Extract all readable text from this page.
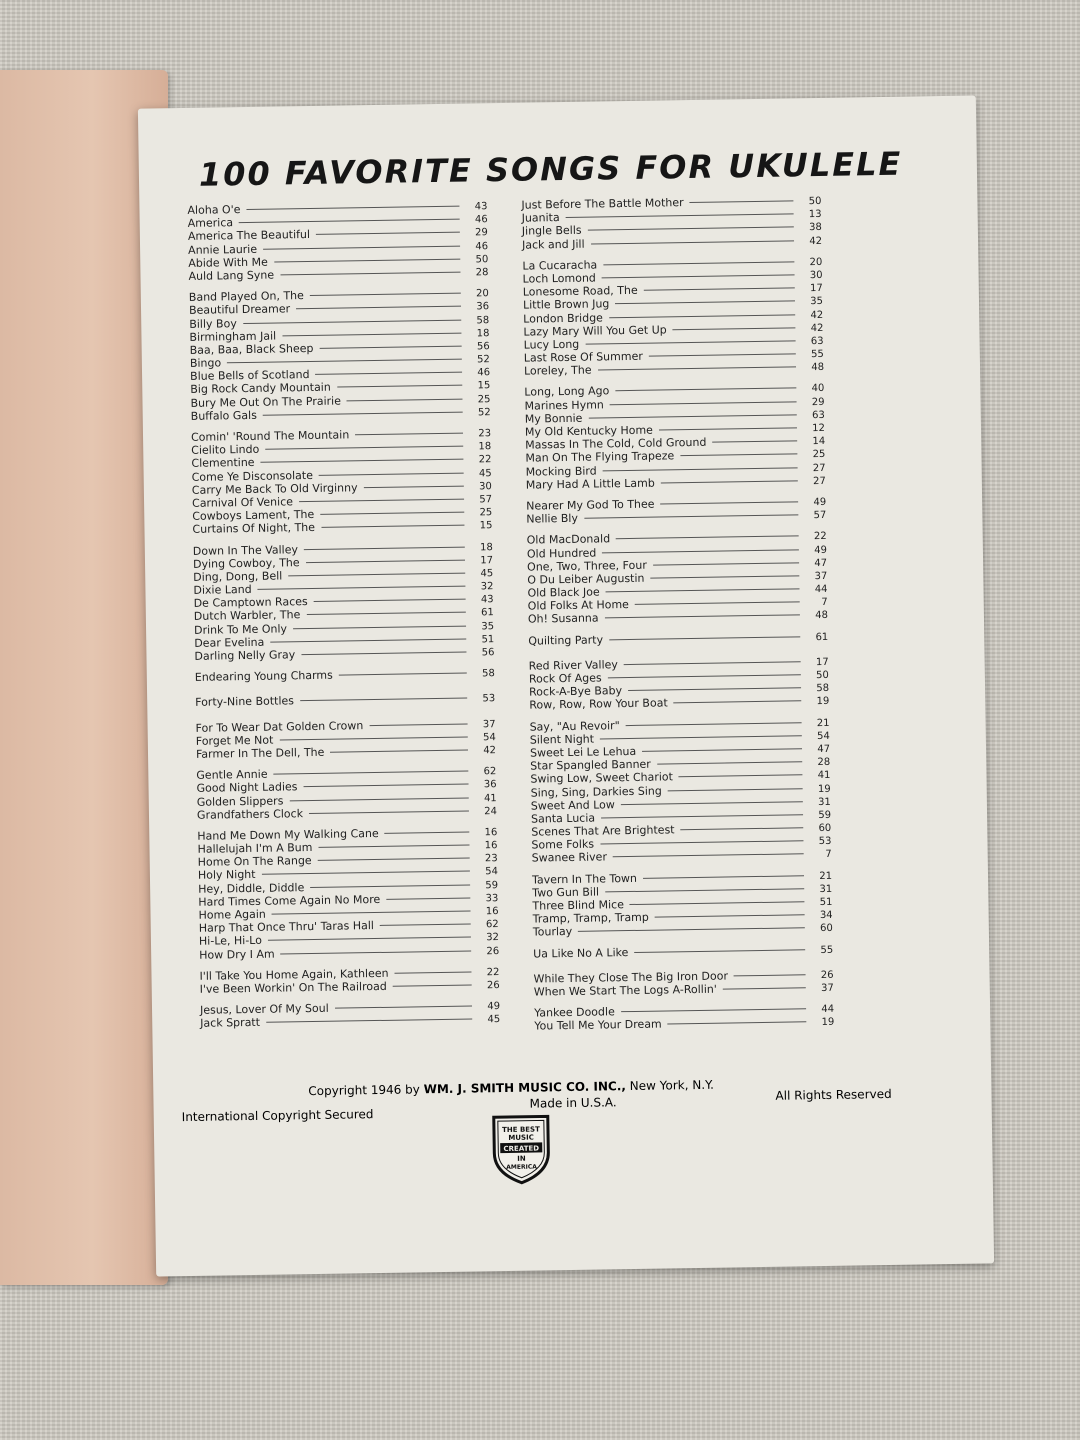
100 FAVORITE SONGS FOR UKULELE
Aloha O'e	43
America	46
America The Beautiful	29
Annie Laurie	46
Abide With Me	50
Auld Lang Syne	28
Band Played On, The	20
Beautiful Dreamer	36
Billy Boy	58
Birmingham Jail	18
Baa, Baa, Black Sheep	56
Bingo	52
Blue Bells of Scotland	46
Big Rock Candy Mountain	15
Bury Me Out On The Prairie	25
Buffalo Gals	52
Comin' 'Round The Mountain	23
Cielito Lindo	18
Clementine	22
Come Ye Disconsolate	45
Carry Me Back To Old Virginny	30
Carnival Of Venice	57
Cowboys Lament, The	25
Curtains Of Night, The	15
Down In The Valley	18
Dying Cowboy, The	17
Ding, Dong, Bell	45
Dixie Land	32
De Camptown Races	43
Dutch Warbler, The	61
Drink To Me Only	35
Dear Evelina	51
Darling Nelly Gray	56
Endearing Young Charms	58
Forty-Nine Bottles	53
For To Wear Dat Golden Crown	37
Forget Me Not	54
Farmer In The Dell, The	42
Gentle Annie	62
Good Night Ladies	36
Golden Slippers	41
Grandfathers Clock	24
Hand Me Down My Walking Cane	16
Hallelujah I'm A Bum	16
Home On The Range	23
Holy Night	54
Hey, Diddle, Diddle	59
Hard Times Come Again No More	33
Home Again	16
Harp That Once Thru' Taras Hall	62
Hi-Le, Hi-Lo	32
How Dry I Am	26
I'll Take You Home Again, Kathleen	22
I've Been Workin' On The Railroad	26
Jesus, Lover Of My Soul	49
Jack Spratt	45
Just Before The Battle Mother	50
Juanita	13
Jingle Bells	38
Jack and Jill	42
La Cucaracha	20
Loch Lomond	30
Lonesome Road, The	17
Little Brown Jug	35
London Bridge	42
Lazy Mary Will You Get Up	42
Lucy Long	63
Last Rose Of Summer	55
Loreley, The	48
Long, Long Ago	40
Marines Hymn	29
My Bonnie	63
My Old Kentucky Home	12
Massas In The Cold, Cold Ground	14
Man On The Flying Trapeze	25
Mocking Bird	27
Mary Had A Little Lamb	27
Nearer My God To Thee	49
Nellie Bly	57
Old MacDonald	22
Old Hundred	49
One, Two, Three, Four	47
O Du Leiber Augustin	37
Old Black Joe	44
Old Folks At Home	7
Oh! Susanna	48
Quilting Party	61
Red River Valley	17
Rock Of Ages	50
Rock-A-Bye Baby	58
Row, Row, Row Your Boat	19
Say, "Au Revoir"	21
Silent Night	54
Sweet Lei Le Lehua	47
Star Spangled Banner	28
Swing Low, Sweet Chariot	41
Sing, Sing, Darkies Sing	19
Sweet And Low	31
Santa Lucia	59
Scenes That Are Brightest	60
Some Folks	53
Swanee River	7
Tavern In The Town	21
Two Gun Bill	31
Three Blind Mice	51
Tramp, Tramp, Tramp	34
Tourlay	60
Ua Like No A Like	55
While They Close The Big Iron Door	26
When We Start The Logs A-Rollin'	37
Yankee Doodle	44
You Tell Me Your Dream	19
Copyright 1946 by WM. J. SMITH MUSIC CO. INC., New York, N.Y.
International Copyright Secured
Made in U.S.A.
All Rights Reserved
THE BEST
MUSIC
CREATED
IN
AMERICA
